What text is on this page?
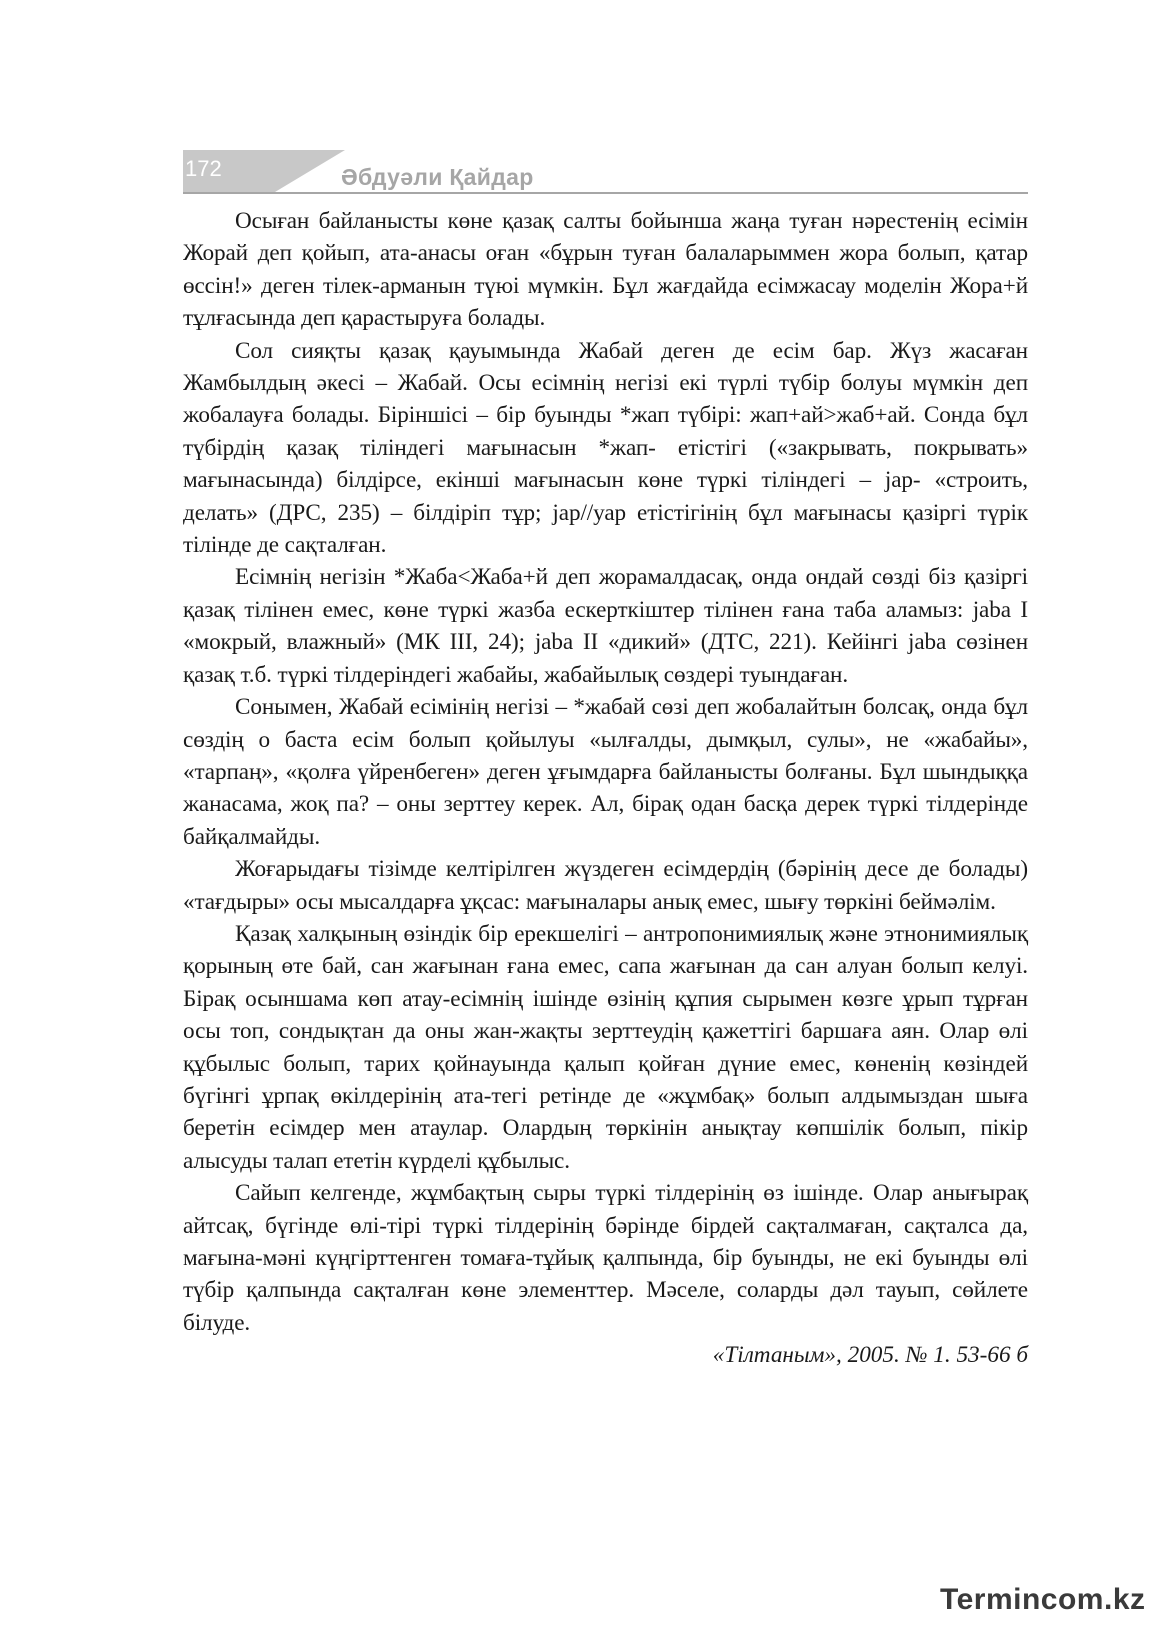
172	Әбдуәли Қайдар

Осыған байланысты көне қазақ салты бойынша жаңа туған нәрестенің есімін Жорай деп қойып, ата-анасы оған «бұрын туған балаларыммен жора болып, қатар өссін!» деген тілек-арманын түюі мүмкін. Бұл жағдайда есімжасау моделін Жора+й тұлғасында деп қарастыруға болады.

Сол сияқты қазақ қауымында Жабай деген де есім бар. Жүз жасаған Жамбылдың әкесі – Жабай. Осы есімнің негізі екі түрлі түбір болуы мүмкін деп жобалауға болады. Біріншісі – бір буынды *жап түбірі: жап+ай>жаб+ай. Сонда бұл түбірдің қазақ тіліндегі мағынасын *жап- етістігі («закрывать, покрывать» мағынасында) білдірсе, екінші мағынасын көне түркі тіліндегі – jap- «строить, делать» (ДРС, 235) – білдіріп тұр; jap//уар етістігінің бұл мағынасы қазіргі түрік тілінде де сақталған.

Есімнің негізін *Жаба<Жаба+й деп жорамалдасақ, онда ондай сөзді біз қазіргі қазақ тілінен емес, көне түркі жазба ескерткіштер тілінен ғана таба аламыз: jaba I «мокрый, влажный» (МК III, 24); jaba II «дикий» (ДТС, 221). Кейінгі jaba сөзінен қазақ т.б. түркі тілдеріндегі жабайы, жабайылық сөздері туындаған.

Сонымен, Жабай есімінің негізі – *жабай сөзі деп жобалайтын болсақ, онда бұл сөздің о баста есім болып қойылуы «ылғалды, дымқыл, сулы», не «жабайы», «тарпаң», «қолға үйренбеген» деген ұғымдарға байланысты болғаны. Бұл шындыққа жанасама, жоқ па? – оны зерттеу керек. Ал, бірақ одан басқа дерек түркі тілдерінде байқалмайды.

Жоғарыдағы тізімде келтірілген жүздеген есімдердің (бәрінің десе де болады) «тағдыры» осы мысалдарға ұқсас: мағыналары анық емес, шығу төркіні беймәлім.

Қазақ халқының өзіндік бір ерекшелігі – антропонимиялық және этнонимиялық қорының өте бай, сан жағынан ғана емес, сапа жағынан да сан алуан болып келуі. Бірақ осыншама көп атау-есімнің ішінде өзінің құпия сырымен көзге ұрып тұрған осы топ, сондықтан да оны жан-жақты зерттеудің қажеттігі баршаға аян. Олар өлі құбылыс болып, тарих қойнауында қалып қойған дүние емес, көненің көзіндей бүгінгі ұрпақ өкілдерінің ата-тегі ретінде де «жұмбақ» болып алдымыздан шыға беретін есімдер мен атаулар. Олардың төркінін анықтау көпшілік болып, пікір алысуды талап ететін күрделі құбылыс.

Сайып келгенде, жұмбақтың сыры түркі тілдерінің өз ішінде. Олар анығырақ айтсақ, бүгінде өлі-тірі түркі тілдерінің бәрінде бірдей сақталмаған, сақталса да, мағына-мәні күңгірттенген томаға-тұйық қалпында, бір буынды, не екі буынды өлі түбір қалпында сақталған көне элементтер. Мәселе, соларды дәл тауып, сөйлете білуде.

«Тілтаным», 2005. № 1. 53-66 б

Termincom.kz
